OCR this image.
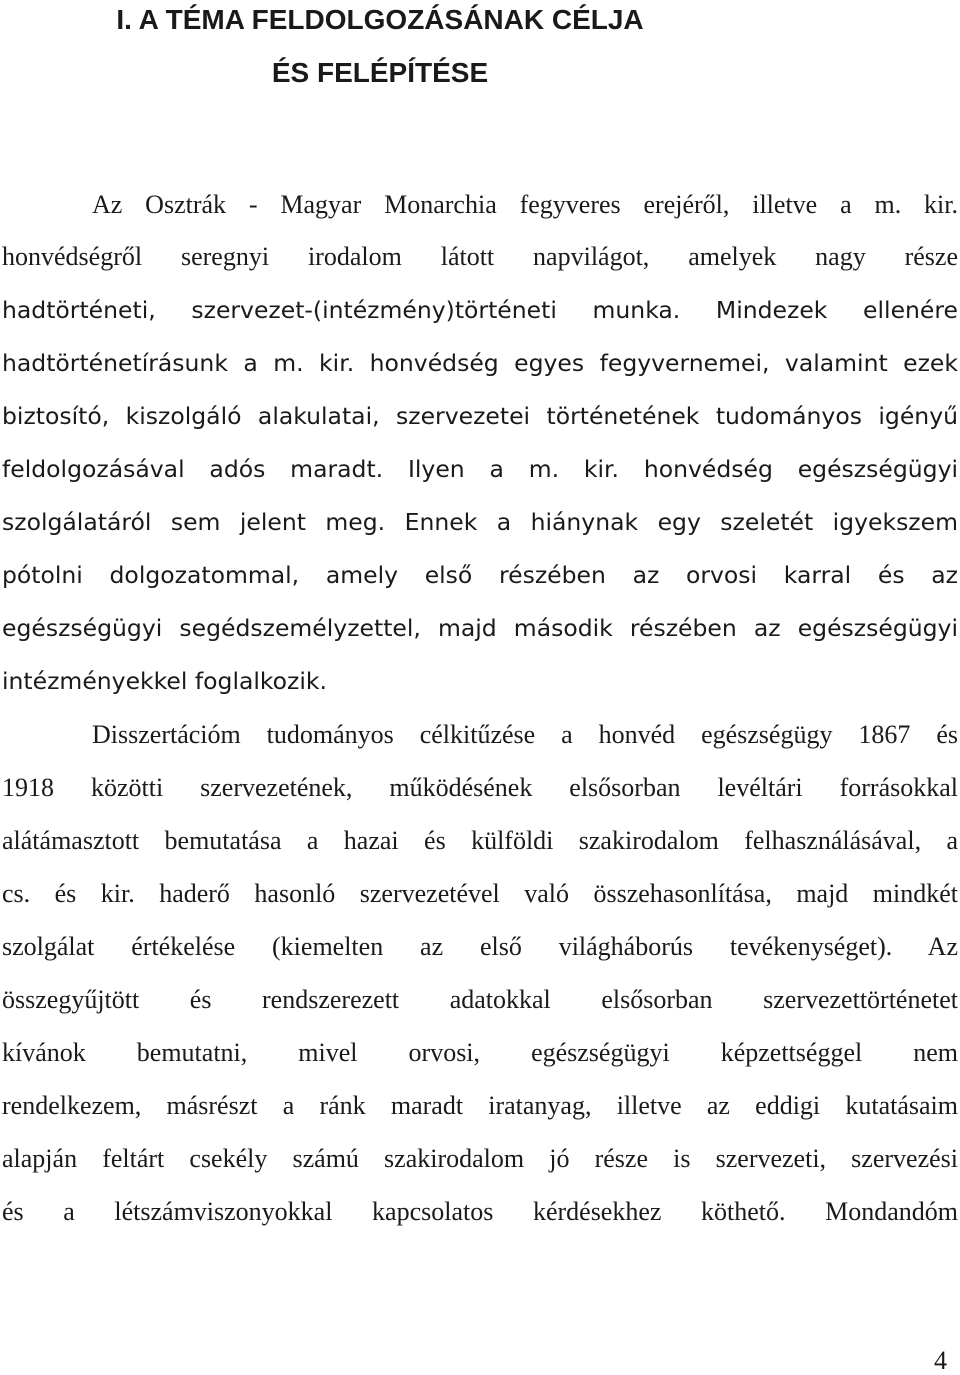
I. A TÉMA FELDOLGOZÁSÁNAK CÉLJA
ÉS FELÉPÍTÉSE
Az Osztrák - Magyar Monarchia fegyveres erejéről, illetve a m. kir.
honvédségről seregnyi irodalom látott napvilágot, amelyek nagy része
hadtörténeti, szervezet-(intézmény)történeti munka. Mindezek ellenére
hadtörténetírásunk a m. kir. honvédség egyes fegyvernemei, valamint ezek
biztosító, kiszolgáló alakulatai, szervezetei történetének tudományos igényű
feldolgozásával adós maradt. Ilyen a m. kir. honvédség egészségügyi
szolgálatáról sem jelent meg. Ennek a hiánynak egy szeletét igyekszem
pótolni dolgozatommal, amely első részében az orvosi karral és az
egészségügyi segédszemélyzettel, majd második részében az egészségügyi
intézményekkel foglalkozik.
Disszertációm tudományos célkitűzése a honvéd egészségügy 1867 és
1918 közötti szervezetének, működésének elsősorban levéltári forrásokkal
alátámasztott bemutatása a hazai és külföldi szakirodalom felhasználásával, a
cs. és kir. haderő hasonló szervezetével való összehasonlítása, majd mindkét
szolgálat értékelése (kiemelten az első világháborús tevékenységet). Az
összegyűjtött és rendszerezett adatokkal elsősorban szervezettörténetet
kívánok bemutatni, mivel orvosi, egészségügyi képzettséggel nem
rendelkezem, másrészt a ránk maradt iratanyag, illetve az eddigi kutatásaim
alapján feltárt csekély számú szakirodalom jó része is szervezeti, szervezési
és a létszámviszonyokkal kapcsolatos kérdésekhez köthető. Mondandóm
4
